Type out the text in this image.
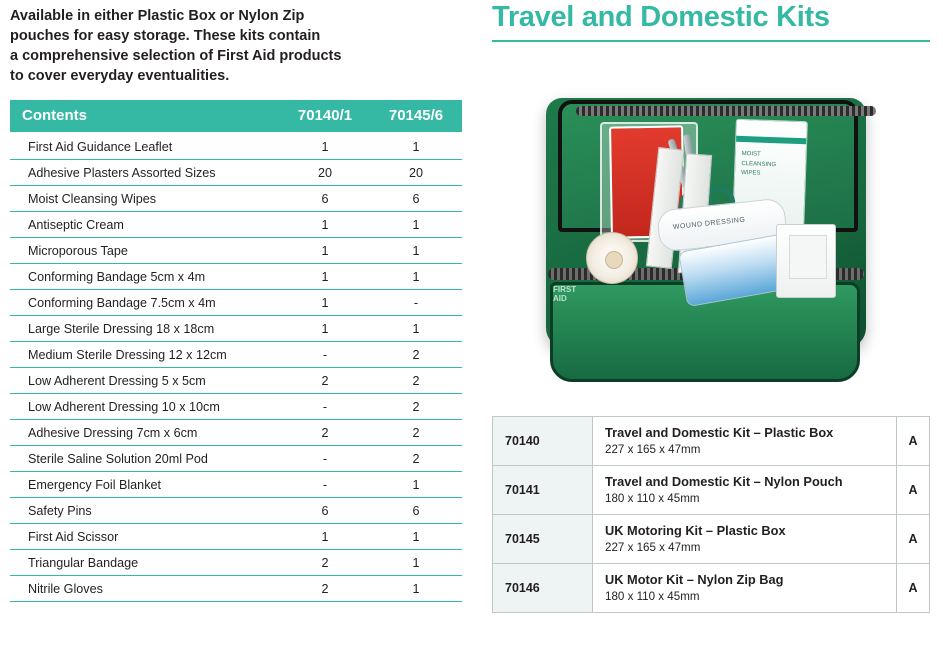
Available in either Plastic Box or Nylon Zip
pouches for easy storage. These kits contain
a comprehensive selection of First Aid products
to cover everyday eventualities.
Contents	70140/1	70145/6
First Aid Guidance Leaflet	1	1
Adhesive Plasters Assorted Sizes	20	20
Moist Cleansing Wipes	6	6
Antiseptic Cream	1	1
Microporous Tape	1	1
Conforming Bandage 5cm x 4m	1	1
Conforming Bandage 7.5cm x 4m	1	-
Large Sterile Dressing 18 x 18cm	1	1
Medium Sterile Dressing 12 x 12cm	-	2
Low Adherent Dressing 5 x 5cm	2	2
Low Adherent Dressing 10 x 10cm	-	2
Adhesive Dressing 7cm x 6cm	2	2
Sterile Saline Solution 20ml Pod	-	2
Emergency Foil Blanket	-	1
Safety Pins	6	6
First Aid Scissor	1	1
Triangular Bandage	2	1
Nitrile Gloves	2	1
Travel and Domestic Kits
MOIST
CLEANSING
WIPES
FIRST
AID
WOUND DRESSING
70140	Travel and Domestic Kit – Plastic Box
227 x 165 x 47mm	A
70141	Travel and Domestic Kit – Nylon Pouch
180 x 110 x 45mm	A
70145	UK Motoring Kit – Plastic Box
227 x 165 x 47mm	A
70146	UK Motor Kit – Nylon Zip Bag
180 x 110 x 45mm	A
